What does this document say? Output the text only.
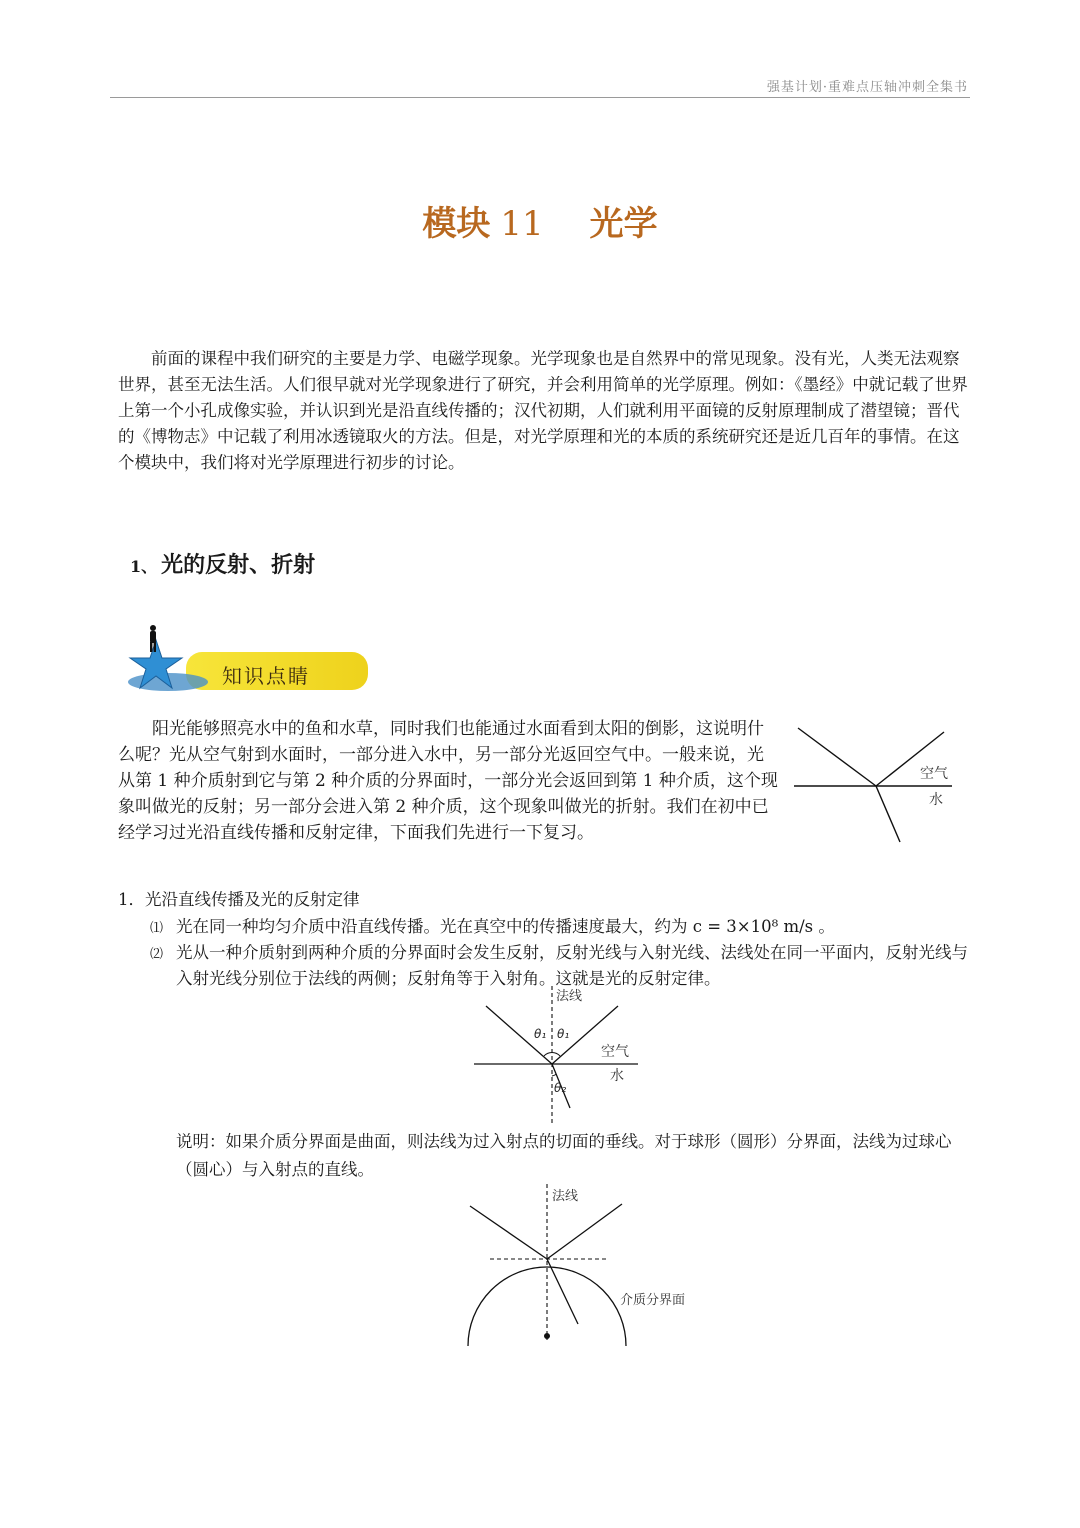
强基计划·重难点压轴冲刺全集书
模块 11 光学

前面的课程中我们研究的主要是力学、电磁学现象。光学现象也是自然界中的常见现象。没有光，人类无法观察世界，甚至无法生活。人们很早就对光学现象进行了研究，并会利用简单的光学原理。例如：《墨经》中就记载了世界上第一个小孔成像实验，并认识到光是沿直线传播的；汉代初期，人们就利用平面镜的反射原理制成了潜望镜；晋代的《博物志》中记载了利用冰透镜取火的方法。但是，对光学原理和光的本质的系统研究还是近几百年的事情。在这个模块中，我们将对光学原理进行初步的讨论。

1、 光的反射、折射
知识点睛

阳光能够照亮水中的鱼和水草，同时我们也能通过水面看到太阳的倒影，这说明什么呢？光从空气射到水面时，一部分进入水中，另一部分光返回空气中。一般来说，光从第 1 种介质射到它与第 2 种介质的分界面时，一部分光会返回到第 1 种介质，这个现象叫做光的反射；另一部分会进入第 2 种介质，这个现象叫做光的折射。我们在初中已经学习过光沿直线传播和反射定律，下面我们先进行一下复习。

空气
水
1．光沿直线传播及光的反射定律
⑴ 光在同一种均匀介质中沿直线传播。光在真空中的传播速度最大，约为 c = 3×10⁸ m/s 。
⑵ 光从一种介质射到两种介质的分界面时会发生反射，反射光线与入射光线、法线处在同一平面内，反射光线与入射光线分别位于法线的两侧；反射角等于入射角。这就是光的反射定律。
法线
θ₁ θ₁
空气
水
θ₂

说明：如果介质分界面是曲面，则法线为过入射点的切面的垂线。对于球形（圆形）分界面，法线为过球心（圆心）与入射点的直线。

法线
介质分界面
